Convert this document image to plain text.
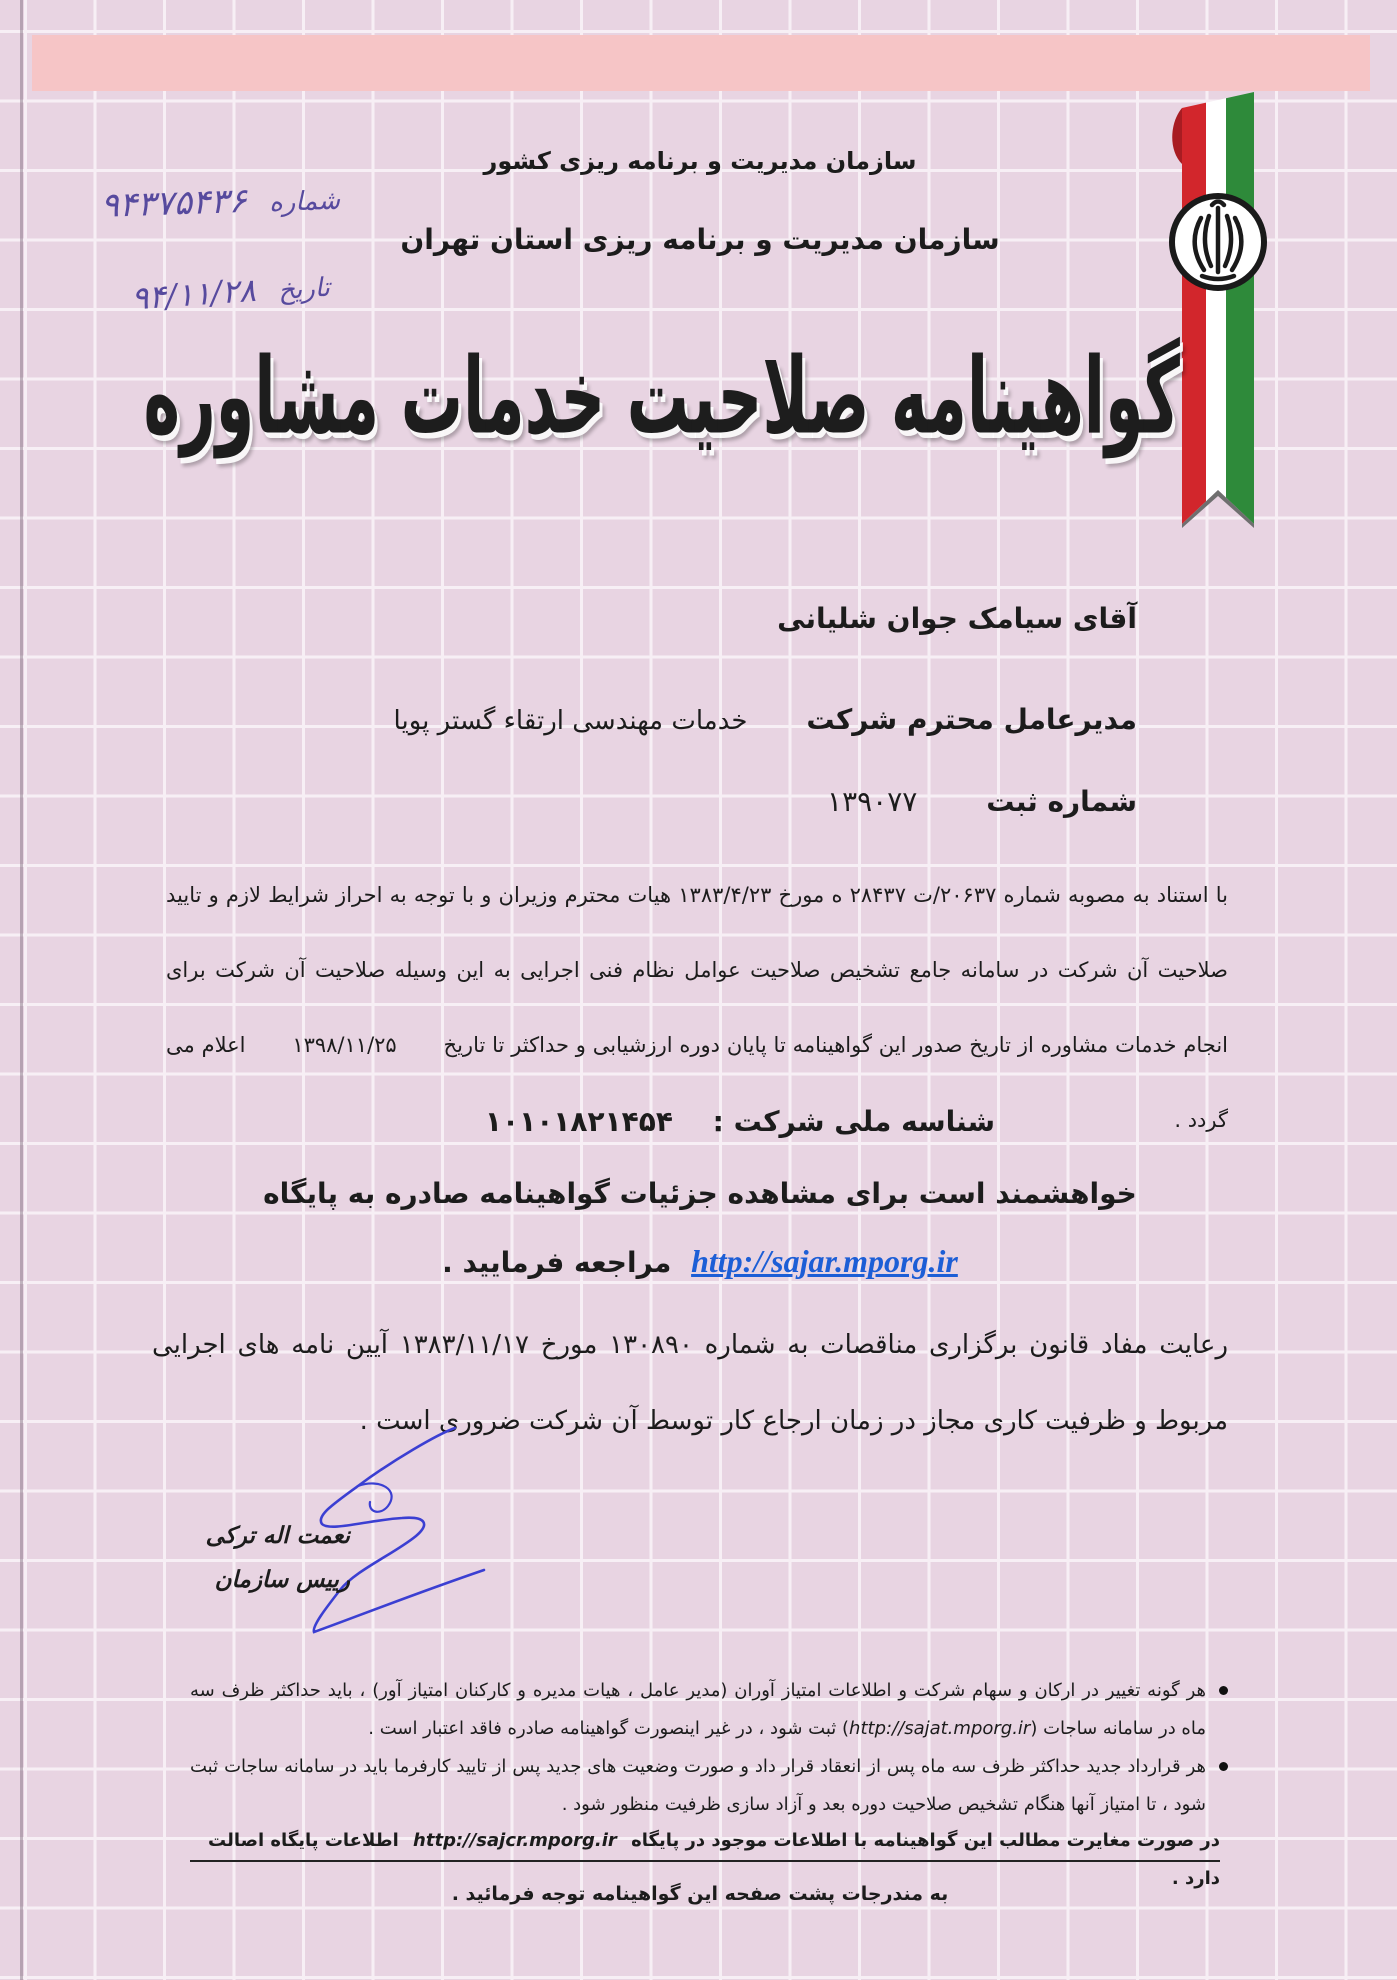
سازمان مدیریت و برنامه ریزی کشور

سازمان مدیریت و برنامه ریزی استان تهران

شماره ۹۴۳۷۵۴۳۶
تاریخ ۹۴/۱۱/۲۸
گواهینامه صلاحیت خدمات مشاوره
آقای سیامک جوان شلیانی
مدیرعامل محترم شرکت خدمات مهندسی ارتقاء گستر پویا
شماره ثبت ۱۳۹۰۷۷

با استناد به مصوبه شماره ۲۰۶۳۷/ت ۲۸۴۳۷ ه مورخ ۱۳۸۳/۴/۲۳ هیات محترم وزیران و با توجه به احراز شرایط لازم و تایید صلاحیت آن شرکت در سامانه جامع تشخیص صلاحیت عوامل نظام فنی اجرایی به این وسیله صلاحیت آن شرکت برای انجام خدمات مشاوره از تاریخ صدور این گواهینامه تا پایان دوره ارزشیابی و حداکثر تا تاریخ ۱۳۹۸/۱۱/۲۵ اعلام می گردد .

شناسه ملی شرکت : ۱۰۱۰۱۸۲۱۴۵۴
خواهشمند است برای مشاهده جزئیات گواهینامه صادره به پایگاه
http://sajar.mporg.ir مراجعه فرمایید .

رعایت مفاد قانون برگزاری مناقصات به شماره ۱۳۰۸۹۰ مورخ ۱۳۸۳/۱۱/۱۷ آیین نامه های اجرایی مربوط و ظرفیت کاری مجاز در زمان ارجاع کار توسط آن شرکت ضروری است .

نعمت اله ترکی
رییس سازمان
هر گونه تغییر در ارکان و سهام شرکت و اطلاعات امتیاز آوران (مدیر عامل ، هیات مدیره و کارکنان امتیاز آور) ، باید حداکثر ظرف سه ماه در سامانه ساجات (http://sajat.mporg.ir) ثبت شود ، در غیر اینصورت گواهینامه صادره فاقد اعتبار است .
هر قرارداد جدید حداکثر ظرف سه ماه پس از انعقاد قرار داد و صورت وضعیت های جدید پس از تایید کارفرما باید در سامانه ساجات ثبت شود ، تا امتیاز آنها هنگام تشخیص صلاحیت دوره بعد و آزاد سازی ظرفیت منظور شود .
در صورت مغایرت مطالب این گواهینامه با اطلاعات موجود در پایگاه http://sajcr.mporg.ir اطلاعات پایگاه اصالت دارد .
به مندرجات پشت صفحه این گواهینامه توجه فرمائید .
